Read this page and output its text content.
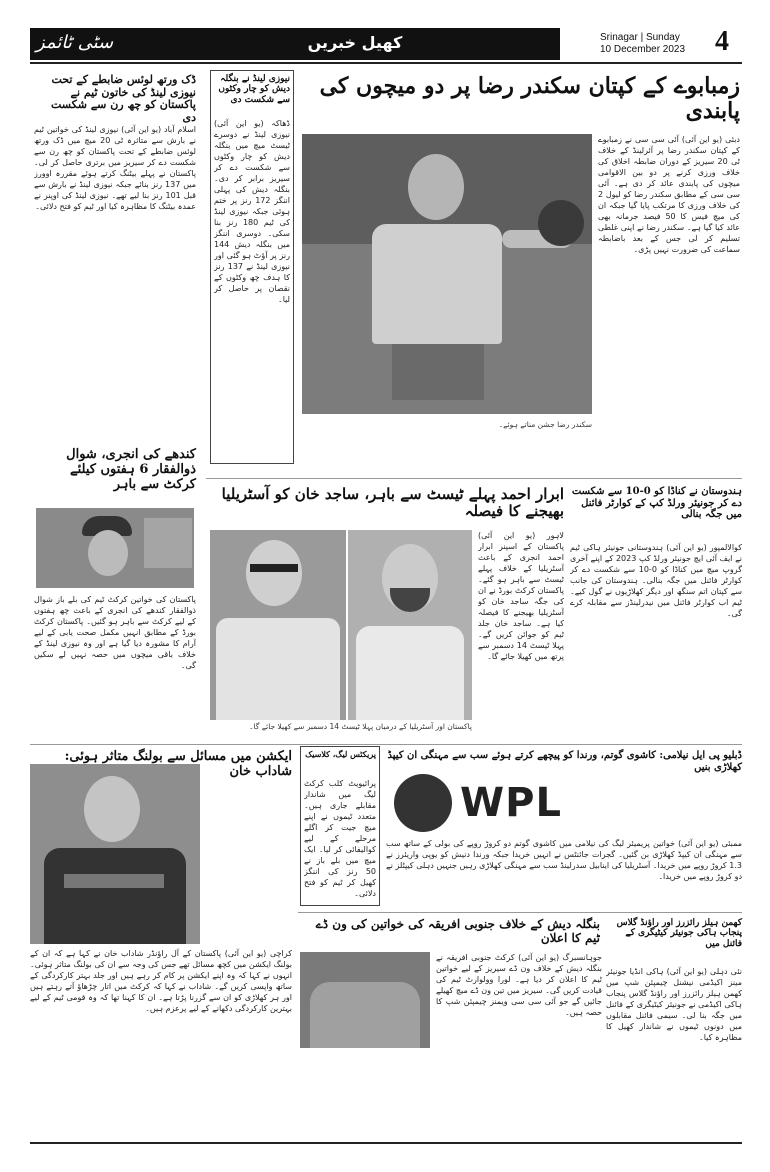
سٹی ٹائمز	کھیل خبریں	Srinagar | Sunday
10 December 2023	4
ڈک ورتھ لوئس ضابطے کے تحت نیوزی لینڈ کی خاتون ٹیم نے پاکستان کو چھ رن سے شکست دی
اسلام آباد (یو این آئی) نیوزی لینڈ کی خواتین ٹیم نے بارش سے متاثرہ ٹی 20 میچ میں ڈک ورتھ لوئس ضابطے کے تحت پاکستان کو چھ رن سے شکست دے کر سیریز میں برتری حاصل کر لی۔ پاکستان نے پہلے بیٹنگ کرتے ہوئے مقررہ اوورز میں 137 رنز بنائے جبکہ نیوزی لینڈ نے بارش سے قبل 101 رنز بنا لیے تھے۔ نیوزی لینڈ کی اوپنر نے عمدہ بیٹنگ کا مظاہرہ کیا اور ٹیم کو فتح دلائی۔
کندھے کی انجری، شوال ذوالفقار 6 ہفتوں کیلئے کرکٹ سے باہر
پاکستان کی خواتین کرکٹ ٹیم کی بلے باز شوال ذوالفقار کندھے کی انجری کے باعث چھ ہفتوں کے لیے کرکٹ سے باہر ہو گئیں۔ پاکستان کرکٹ بورڈ کے مطابق انہیں مکمل صحت یابی کے لیے آرام کا مشورہ دیا گیا ہے اور وہ نیوزی لینڈ کے خلاف باقی میچوں میں حصہ نہیں لے سکیں گی۔
نیوزی لینڈ نے بنگلہ دیش کو چار وکٹوں سے شکست دی
ڈھاکہ (یو این آئی) نیوزی لینڈ نے دوسرے ٹیسٹ میچ میں بنگلہ دیش کو چار وکٹوں سے شکست دے کر سیریز برابر کر دی۔ بنگلہ دیش کی پہلی اننگز 172 رنز پر ختم ہوئی جبکہ نیوزی لینڈ کی ٹیم 180 رنز بنا سکی۔ دوسری اننگز میں بنگلہ دیش 144 رنز پر آؤٹ ہو گئی اور نیوزی لینڈ نے 137 رنز کا ہدف چھ وکٹوں کے نقصان پر حاصل کر لیا۔
زمبابوے کے کپتان سکندر رضا پر دو میچوں کی پابندی
دبئی (یو این آئی) آئی سی سی نے زمبابوے کے کپتان سکندر رضا پر آئرلینڈ کے خلاف ٹی 20 سیریز کے دوران ضابطہ اخلاق کی خلاف ورزی کرنے پر دو بین الاقوامی میچوں کی پابندی عائد کر دی ہے۔ آئی سی سی کے مطابق سکندر رضا کو لیول 2 کی خلاف ورزی کا مرتکب پایا گیا جبکہ ان کی میچ فیس کا 50 فیصد جرمانہ بھی عائد کیا گیا ہے۔ سکندر رضا نے اپنی غلطی تسلیم کر لی جس کے بعد باضابطہ سماعت کی ضرورت نہیں پڑی۔
سکندر رضا جشن مناتے ہوئے۔
ابرار احمد پہلے ٹیسٹ سے باہر، ساجد خان کو آسٹریلیا بھیجنے کا فیصلہ
پاکستان اور آسٹریلیا کے درمیان پہلا ٹیسٹ 14 دسمبر سے کھیلا جائے گا۔
لاہور (یو این آئی) پاکستان کے اسپنر ابرار احمد انجری کے باعث آسٹریلیا کے خلاف پہلے ٹیسٹ سے باہر ہو گئے۔ پاکستان کرکٹ بورڈ نے ان کی جگہ ساجد خان کو آسٹریلیا بھیجنے کا فیصلہ کیا ہے۔ ساجد خان جلد ٹیم کو جوائن کریں گے۔ پہلا ٹیسٹ 14 دسمبر سے پرتھ میں کھیلا جائے گا۔
ہندوستان نے کناڈا کو 0-10 سے شکست دے کر جونیئر ورلڈ کپ کے کوارٹر فائنل میں جگہ بنالی
کوالالمپور (یو این آئی) ہندوستانی جونیئر ہاکی ٹیم نے ایف آئی ایچ جونیئر ورلڈ کپ 2023 کے اپنے آخری گروپ میچ میں کناڈا کو 0-10 سے شکست دے کر کوارٹر فائنل میں جگہ بنالی۔ ہندوستان کی جانب سے کپتان اتم سنگھ اور دیگر کھلاڑیوں نے گول کیے۔ ٹیم اب کوارٹر فائنل میں نیدرلینڈز سے مقابلہ کرے گی۔
ایکشن میں مسائل سے بولنگ متاثر ہوئی: شاداب خان
کراچی (یو این آئی) پاکستان کے آل راؤنڈر شاداب خان نے کہا ہے کہ ان کے بولنگ ایکشن میں کچھ مسائل تھے جس کی وجہ سے ان کی بولنگ متاثر ہوئی۔ انہوں نے کہا کہ وہ اپنے ایکشن پر کام کر رہے ہیں اور جلد بہتر کارکردگی کے ساتھ واپسی کریں گے۔ شاداب نے کہا کہ کرکٹ میں اتار چڑھاؤ آتے رہتے ہیں اور ہر کھلاڑی کو ان سے گزرنا پڑتا ہے۔ ان کا کہنا تھا کہ وہ قومی ٹیم کے لیے بہترین کارکردگی دکھانے کے لیے پرعزم ہیں۔
پریکٹس لیگ، کلاسیک
پرائیویٹ کلب کرکٹ لیگ میں شاندار مقابلے جاری ہیں۔ متعدد ٹیموں نے اپنے میچ جیت کر اگلے مرحلے کے لیے کوالیفائی کر لیا۔ ایک میچ میں بلے باز نے 50 رنز کی اننگز کھیل کر ٹیم کو فتح دلائی۔
ڈبلیو پی ایل نیلامی: کاشوی گوتم، ورندا کو پیچھے کرتے ہوئے سب سے مہنگی ان کیپڈ کھلاڑی بنیں
WPL
ممبئی (یو این آئی) خواتین پریمیئر لیگ کی نیلامی میں کاشوی گوتم دو کروڑ روپے کی بولی کے ساتھ سب سے مہنگی ان کیپڈ کھلاڑی بن گئیں۔ گجرات جائنٹس نے انہیں خریدا جبکہ ورندا دنیش کو یوپی واریئرز نے 1.3 کروڑ روپے میں خریدا۔ آسٹریلیا کی اینابیل سدرلینڈ سب سے مہنگی کھلاڑی رہیں جنہیں دہلی کیپٹلز نے دو کروڑ روپے میں خریدا۔
بنگلہ دیش کے خلاف جنوبی افریقہ کی خواتین کی ون ڈے ٹیم کا اعلان
جوہانسبرگ (یو این آئی) کرکٹ جنوبی افریقہ نے بنگلہ دیش کے خلاف ون ڈے سیریز کے لیے خواتین ٹیم کا اعلان کر دیا ہے۔ لورا وولوارٹ ٹیم کی قیادت کریں گی۔ سیریز میں تین ون ڈے میچ کھیلے جائیں گے جو آئی سی سی ویمنز چیمپئن شپ کا حصہ ہیں۔
کھمن ہیلز رائزرز اور راؤنڈ گلاس پنجاب ہاکی جونیئر کیٹیگری کے فائنل میں
نئی دہلی (یو این آئی) ہاکی انڈیا جونیئر مینز اکیڈمی نیشنل چیمپئن شپ میں کھمن ہیلز رائزرز اور راؤنڈ گلاس پنجاب ہاکی اکیڈمی نے جونیئر کیٹیگری کے فائنل میں جگہ بنا لی۔ سیمی فائنل مقابلوں میں دونوں ٹیموں نے شاندار کھیل کا مظاہرہ کیا۔
